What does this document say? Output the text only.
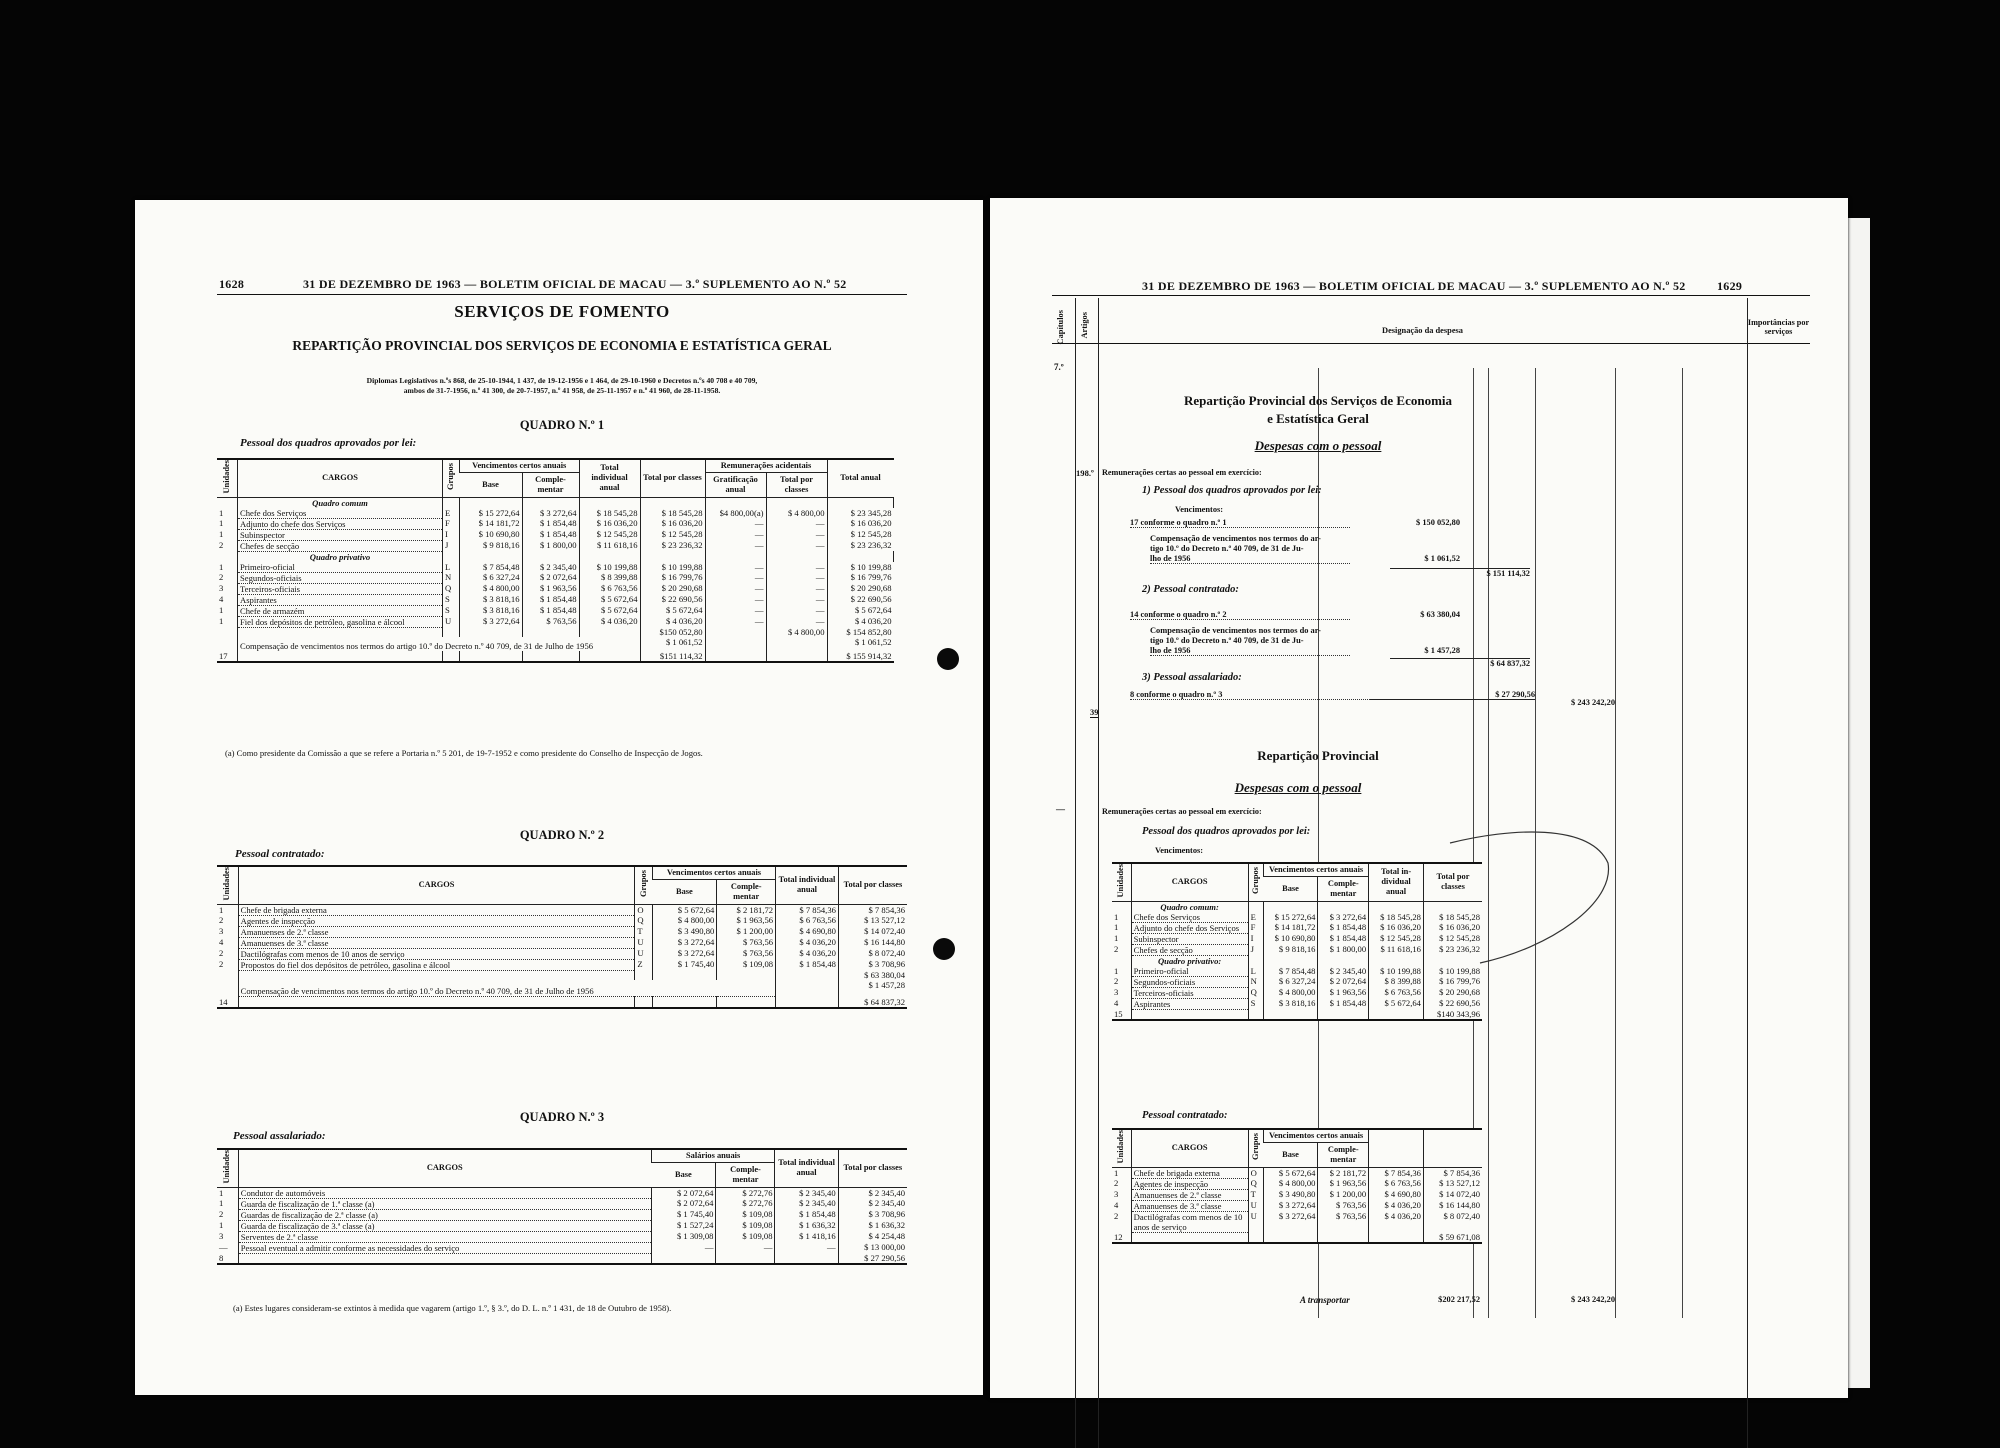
1628	31 DE DEZEMBRO DE 1963 — BOLETIM OFICIAL DE MACAU — 3.º SUPLEMENTO AO N.º 52
SERVIÇOS DE FOMENTO
REPARTIÇÃO PROVINCIAL DOS SERVIÇOS DE ECONOMIA E ESTATÍSTICA GERAL
Diplomas Legislativos n.ºs 868, de 25-10-1944, 1 437, de 19-12-1956 e 1 464, de 29-10-1960 e Decretos n.ºs 40 708 e 40 709,
ambos de 31-7-1956, n.º 41 300, de 20-7-1957, n.º 41 958, de 25-11-1957 e n.º 41 960, de 28-11-1958.
QUADRO N.º 1
Pessoal dos quadros aprovados por lei:
Unidades	CARGOS	Grupos	Vencimentos certos anuais		Total individual anual	Total por classes	Remunerações acidentais		Total anual	
			Base	Comple-mentar			Gratificação anual	Total por classes		
	Quadro comum									
1	Chefe dos Serviços	E	$ 15 272,64	$ 3 272,64	$ 18 545,28	$ 18 545,28	$4 800,00(a)	$ 4 800,00	$ 23 345,28	
1	Adjunto do chefe dos Serviços	F	$ 14 181,72	$ 1 854,48	$ 16 036,20	$ 16 036,20	—	—	$ 16 036,20	
1	Subinspector	I	$ 10 690,80	$ 1 854,48	$ 12 545,28	$ 12 545,28	—	—	$ 12 545,28	
2	Chefes de secção	J	$ 9 818,16	$ 1 800,00	$ 11 618,16	$ 23 236,32	—	—	$ 23 236,32	
	Quadro privativo									
1	Primeiro-oficial	L	$ 7 854,48	$ 2 345,40	$ 10 199,88	$ 10 199,88	—	—	$ 10 199,88	
2	Segundos-oficiais	N	$ 6 327,24	$ 2 072,64	$ 8 399,88	$ 16 799,76	—	—	$ 16 799,76	
3	Terceiros-oficiais	Q	$ 4 800,00	$ 1 963,56	$ 6 763,56	$ 20 290,68	—	—	$ 20 290,68	
4	Aspirantes	S	$ 3 818,16	$ 1 854,48	$ 5 672,64	$ 22 690,56	—	—	$ 22 690,56	
1	Chefe de armazém	S	$ 3 818,16	$ 1 854,48	$ 5 672,64	$ 5 672,64	—	—	$ 5 672,64	
1	Fiel dos depósitos de petróleo, gasolina e álcool	U	$ 3 272,64	$ 763,56	$ 4 036,20	$ 4 036,20	—	—	$ 4 036,20	
						$150 052,80		$ 4 800,00	$ 154 852,80	
	Compensação de vencimentos nos termos do artigo 10.º do Decreto n.º 40 709, de 31 de Julho de 1956					$ 1 061,52			$ 1 061,52	
17						$151 114,32			$ 155 914,32	
(a) Como presidente da Comissão a que se refere a Portaria n.º 5 201, de 19-7-1952 e como presidente do Conselho de Inspecção de Jogos.
QUADRO N.º 2
Pessoal contratado:
Unidades	CARGOS	Grupos	Vencimentos certos anuais		Total individual anual	Total por classes
			Base	Comple-mentar		
1	Chefe de brigada externa	O	$ 5 672,64	$ 2 181,72	$ 7 854,36	$ 7 854,36
2	Agentes de inspecção	Q	$ 4 800,00	$ 1 963,56	$ 6 763,56	$ 13 527,12
3	Amanuenses de 2.ª classe	T	$ 3 490,80	$ 1 200,00	$ 4 690,80	$ 14 072,40
4	Amanuenses de 3.ª classe	U	$ 3 272,64	$ 763,56	$ 4 036,20	$ 16 144,80
2	Dactilógrafas com menos de 10 anos de serviço	U	$ 3 272,64	$ 763,56	$ 4 036,20	$ 8 072,40
2	Propostos do fiel dos depósitos de petróleo, gasolina e álcool	Z	$ 1 745,40	$ 109,08	$ 1 854,48	$ 3 708,96
						$ 63 380,04
	Compensação de vencimentos nos termos do artigo 10.º do Decreto n.º 40 709, de 31 de Julho de 1956					$ 1 457,28
14						$ 64 837,32
QUADRO N.º 3
Pessoal assalariado:
Unidades	CARGOS	Salários anuais		Total individual anual	Total por classes
		Base	Comple-mentar		
1	Condutor de automóveis	$ 2 072,64	$ 272,76	$ 2 345,40	$ 2 345,40
1	Guarda de fiscalização de 1.ª classe (a)	$ 2 072,64	$ 272,76	$ 2 345,40	$ 2 345,40
2	Guardas de fiscalização de 2.ª classe (a)	$ 1 745,40	$ 109,08	$ 1 854,48	$ 3 708,96
1	Guarda de fiscalização de 3.ª classe (a)	$ 1 527,24	$ 109,08	$ 1 636,32	$ 1 636,32
3	Serventes de 2.ª classe	$ 1 309,08	$ 109,08	$ 1 418,16	$ 4 254,48
—	Pessoal eventual a admitir conforme as necessidades do serviço	—	—	—	$ 13 000,00
8					$ 27 290,56
(a) Estes lugares consideram-se extintos à medida que vagarem (artigo 1.º, § 3.º, do D. L. n.º 1 431, de 18 de Outubro de 1958).
31 DE DEZEMBRO DE 1963 — BOLETIM OFICIAL DE MACAU — 3.º SUPLEMENTO AO N.º 52	1629
Capítulos Artigos	Designação da despesa
Importâncias por serviços
7.º
Repartição Provincial dos Serviços de Economia
e Estatística Geral
Despesas com o pessoal
198.º Remunerações certas ao pessoal em exercício:
1) Pessoal dos quadros aprovados por lei:
Vencimentos:
17 conforme o quadro n.º 1	$ 150 052,80
Compensação de vencimentos nos termos do ar-
tigo 10.º do Decreto n.º 40 709, de 31 de Ju-
lho de 1956	$ 1 061,52
$ 151 114,32
2) Pessoal contratado:
14 conforme o quadro n.º 2	$ 63 380,04
Compensação de vencimentos nos termos do ar-
tigo 10.º do Decreto n.º 40 709, de 31 de Ju-
lho de 1956	$ 1 457,28
$ 64 837,32
3) Pessoal assalariado:
8 conforme o quadro n.º 3	$ 27 290,56
$ 243 242,20
39
Repartição Provincial
Despesas com o pessoal
—	Remunerações certas ao pessoal em exercício:
Pessoal dos quadros aprovados por lei:
Vencimentos:
Unidades	CARGOS	Grupos	Vencimentos certos anuais		Total in-dividual anual	Total por classes
			Base	Comple-mentar		
	Quadro comum:					
1	Chefe dos Serviços	E	$ 15 272,64	$ 3 272,64	$ 18 545,28	$ 18 545,28
1	Adjunto do chefe dos Serviços	F	$ 14 181,72	$ 1 854,48	$ 16 036,20	$ 16 036,20
1	Subinspector	I	$ 10 690,80	$ 1 854,48	$ 12 545,28	$ 12 545,28
2	Chefes de secção	J	$ 9 818,16	$ 1 800,00	$ 11 618,16	$ 23 236,32
	Quadro privativo:					
1	Primeiro-oficial	L	$ 7 854,48	$ 2 345,40	$ 10 199,88	$ 10 199,88
2	Segundos-oficiais	N	$ 6 327,24	$ 2 072,64	$ 8 399,88	$ 16 799,76
3	Terceiros-oficiais	Q	$ 4 800,00	$ 1 963,56	$ 6 763,56	$ 20 290,68
4	Aspirantes	S	$ 3 818,16	$ 1 854,48	$ 5 672,64	$ 22 690,56
15						$140 343,96
Pessoal contratado:
Unidades	CARGOS	Grupos	Vencimentos certos anuais			
			Base	Comple-mentar		
1	Chefe de brigada externa	O	$ 5 672,64	$ 2 181,72	$ 7 854,36	$ 7 854,36
2	Agentes de inspecção	Q	$ 4 800,00	$ 1 963,56	$ 6 763,56	$ 13 527,12
3	Amanuenses de 2.ª classe	T	$ 3 490,80	$ 1 200,00	$ 4 690,80	$ 14 072,40
4	Amanuenses de 3.ª classe	U	$ 3 272,64	$ 763,56	$ 4 036,20	$ 16 144,80
2	Dactilógrafas com menos de 10 anos de serviço	U	$ 3 272,64	$ 763,56	$ 4 036,20	$ 8 072,40
12						$ 59 671,08
A transportar	$202 217,52	$ 243 242,20
